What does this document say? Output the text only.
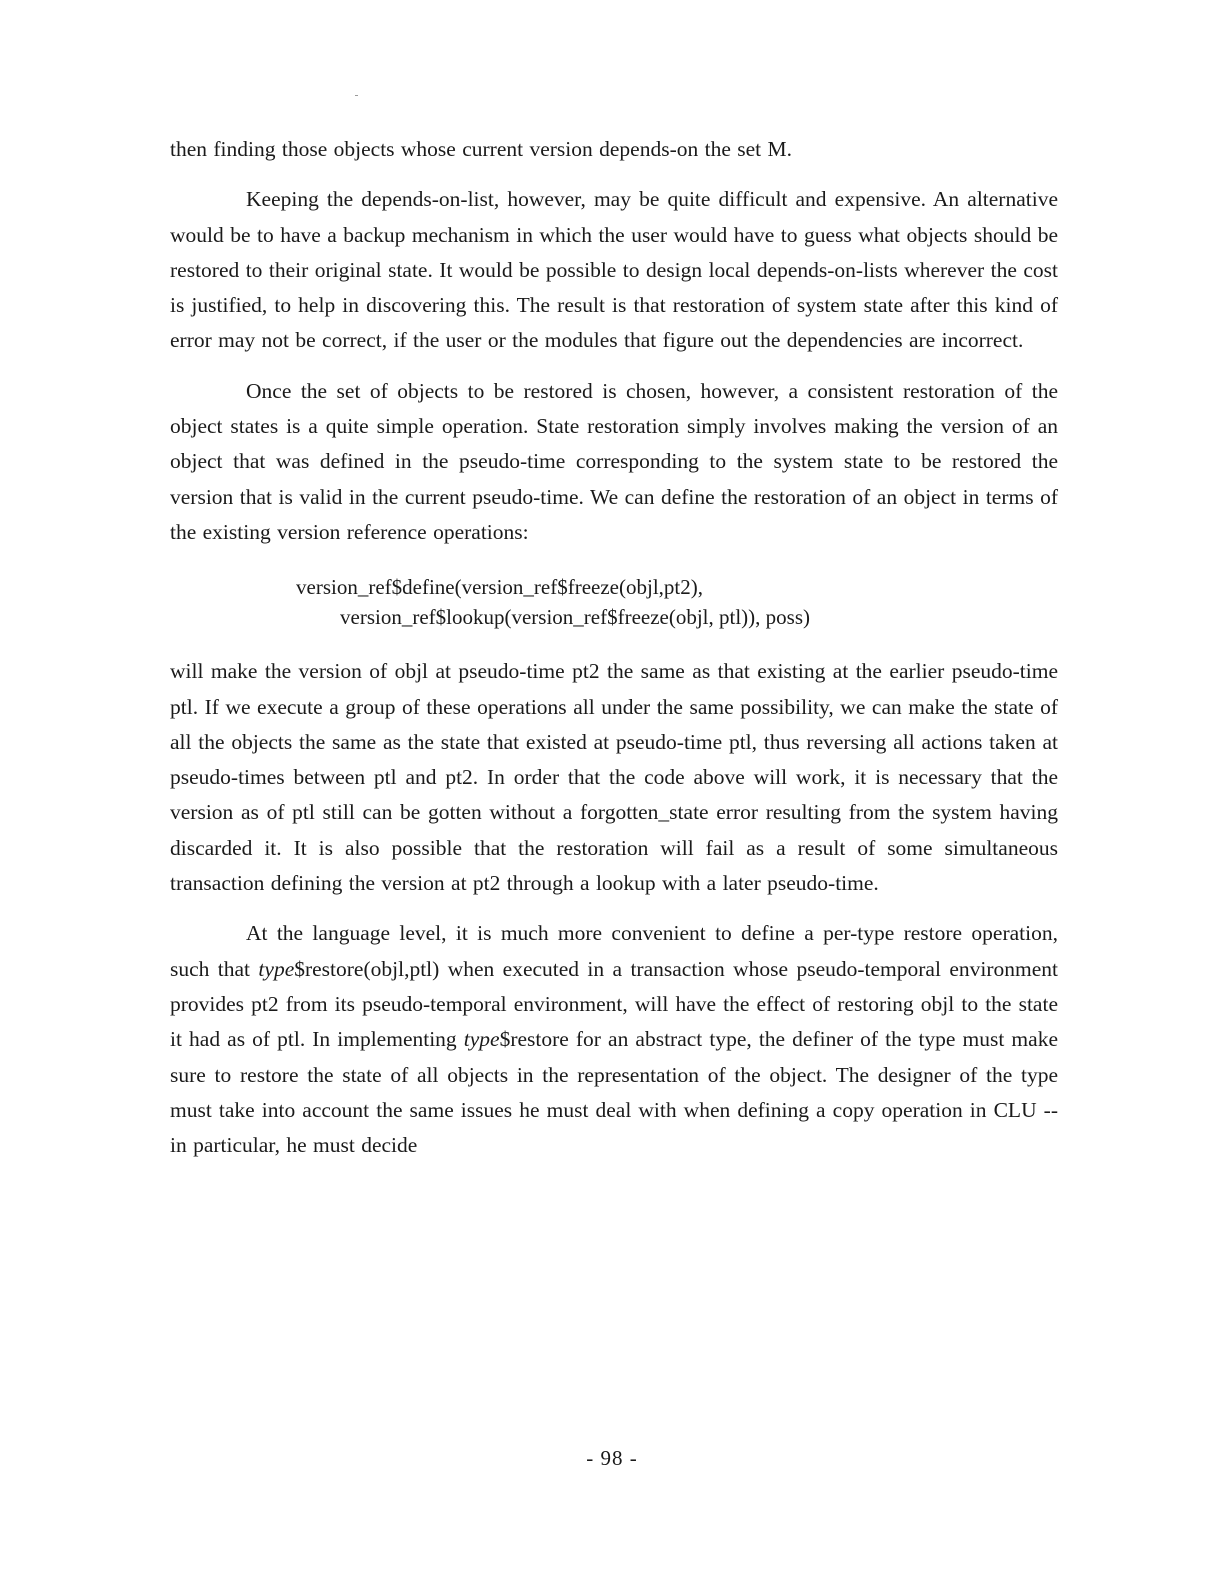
then finding those objects whose current version depends-on the set M.

Keeping the depends-on-list, however, may be quite difficult and expensive. An alternative would be to have a backup mechanism in which the user would have to guess what objects should be restored to their original state. It would be possible to design local depends-on-lists wherever the cost is justified, to help in discovering this. The result is that restoration of system state after this kind of error may not be correct, if the user or the modules that figure out the dependencies are incorrect.

Once the set of objects to be restored is chosen, however, a consistent restoration of the object states is a quite simple operation. State restoration simply involves making the version of an object that was defined in the pseudo-time corresponding to the system state to be restored the version that is valid in the current pseudo-time. We can define the restoration of an object in terms of the existing version reference operations:

version_ref$define(version_ref$freeze(objl,pt2),
version_ref$lookup(version_ref$freeze(objl, ptl)), poss)

will make the version of objl at pseudo-time pt2 the same as that existing at the earlier pseudo-time ptl. If we execute a group of these operations all under the same possibility, we can make the state of all the objects the same as the state that existed at pseudo-time ptl, thus reversing all actions taken at pseudo-times between ptl and pt2. In order that the code above will work, it is necessary that the version as of ptl still can be gotten without a forgotten_state error resulting from the system having discarded it. It is also possible that the restoration will fail as a result of some simultaneous transaction defining the version at pt2 through a lookup with a later pseudo-time.

At the language level, it is much more convenient to define a per-type restore operation, such that type$restore(objl,ptl) when executed in a transaction whose pseudo-temporal environment provides pt2 from its pseudo-temporal environment, will have the effect of restoring objl to the state it had as of ptl. In implementing type$restore for an abstract type, the definer of the type must make sure to restore the state of all objects in the representation of the object. The designer of the type must take into account the same issues he must deal with when defining a copy operation in CLU -- in particular, he must decide

- 98 -
